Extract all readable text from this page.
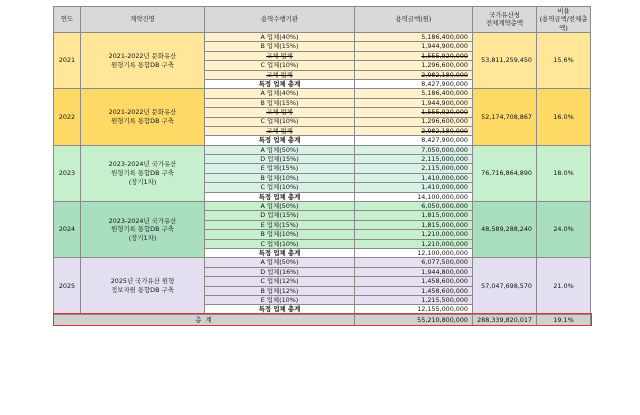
연도	계약건명	용역수행기관	용역금액(원)	국가유산청
전체계약총액	비율
(용역금액/전체총액)
2021	2021-2022년 문화유산
원형기록 통합DB 구축	A 업체(40%)	5,186,400,000	53,811,259,450	15.6%
		B 업체(15%)	1,944,900,000		
		교체 업체	1,555,920,000		
		C 업체(10%)	1,296,600,000		
		교체 업체	2,982,180,000		
		특정 업체 총계	8,427,900,000		
2022	2021-2022년 문화유산
원형기록 통합DB 구축	A 업체(40%)	5,186,400,000	52,174,708,867	16.0%
		B 업체(15%)	1,944,900,000		
		교체 업체	1,555,920,000		
		C 업체(10%)	1,296,600,000		
		교체 업체	2,982,180,000		
		특정 업체 총계	8,427,900,000		
2023	2023-2024년 국가유산
원형기록 통합DB 구축
(장기1차)	A 업체(50%)	7,050,000,000	76,716,864,890	18.0%
		D 업체(15%)	2,115,000,000		
		E 업체(15%)	2,115,000,000		
		B 업체(10%)	1,410,000,000		
		C 업체(10%)	1,410,000,000		
		특정 업체 총계	14,100,000,000		
2024	2023-2024년 국가유산
원형기록 통합DB 구축
(장기1차)	A 업체(50%)	6,050,000,000	48,589,288,240	24.0%
		D 업체(15%)	1,815,000,000		
		E 업체(15%)	1,815,000,000		
		B 업체(10%)	1,210,000,000		
		C 업체(10%)	1,210,000,000		
		특정 업체 총계	12,100,000,000		
2025	2025년 국가유산 원형
정보자원 통합DB 구축	A 업체(50%)	6,077,500,000	57,047,698,570	21.0%
		D 업체(16%)	1,944,800,000		
		C 업체(12%)	1,458,600,000		
		B 업체(12%)	1,458,600,000		
		E 업체(10%)	1,215,500,000		
		특정 업체 총계	12,155,000,000		
총 계			55,210,800,000	288,339,820,017	19.1%
